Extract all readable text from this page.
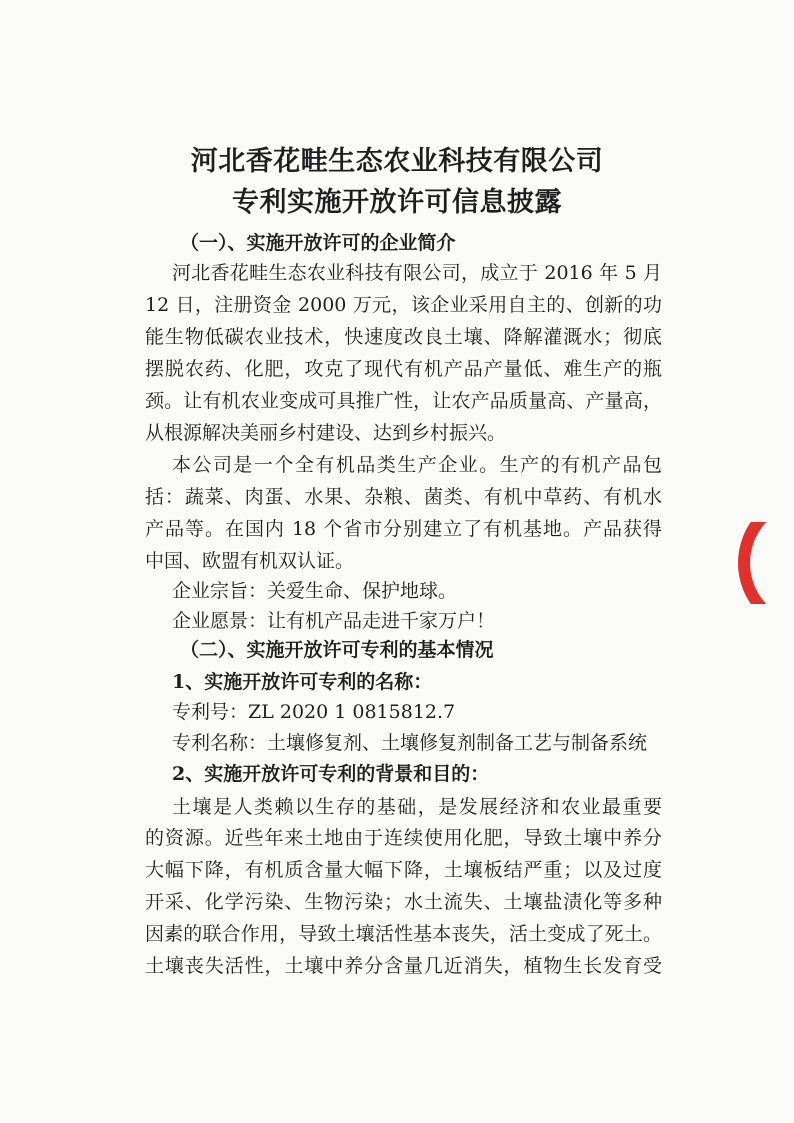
河北香花畦生态农业科技有限公司
专利实施开放许可信息披露
（一）、实施开放许可的企业简介
河北香花畦生态农业科技有限公司，成立于 2016 年 5 月
12 日，注册资金 2000 万元，该企业采用自主的、创新的功
能生物低碳农业技术，快速度改良土壤、降解灌溉水；彻底
摆脱农药、化肥，攻克了现代有机产品产量低、难生产的瓶
颈。让有机农业变成可具推广性，让农产品质量高、产量高，
从根源解决美丽乡村建设、达到乡村振兴。
本公司是一个全有机品类生产企业。生产的有机产品包
括：蔬菜、肉蛋、水果、杂粮、菌类、有机中草药、有机水
产品等。在国内 18 个省市分别建立了有机基地。产品获得
中国、欧盟有机双认证。
企业宗旨：关爱生命、保护地球。
企业愿景：让有机产品走进千家万户！
（二）、实施开放许可专利的基本情况
1、实施开放许可专利的名称：
专利号：ZL 2020 1 0815812.7
专利名称：土壤修复剂、土壤修复剂制备工艺与制备系统
2、实施开放许可专利的背景和目的：
土壤是人类赖以生存的基础，是发展经济和农业最重要
的资源。近些年来土地由于连续使用化肥，导致土壤中养分
大幅下降，有机质含量大幅下降，土壤板结严重；以及过度
开采、化学污染、生物污染；水土流失、土壤盐渍化等多种
因素的联合作用，导致土壤活性基本丧失，活土变成了死土。
土壤丧失活性，土壤中养分含量几近消失，植物生长发育受
